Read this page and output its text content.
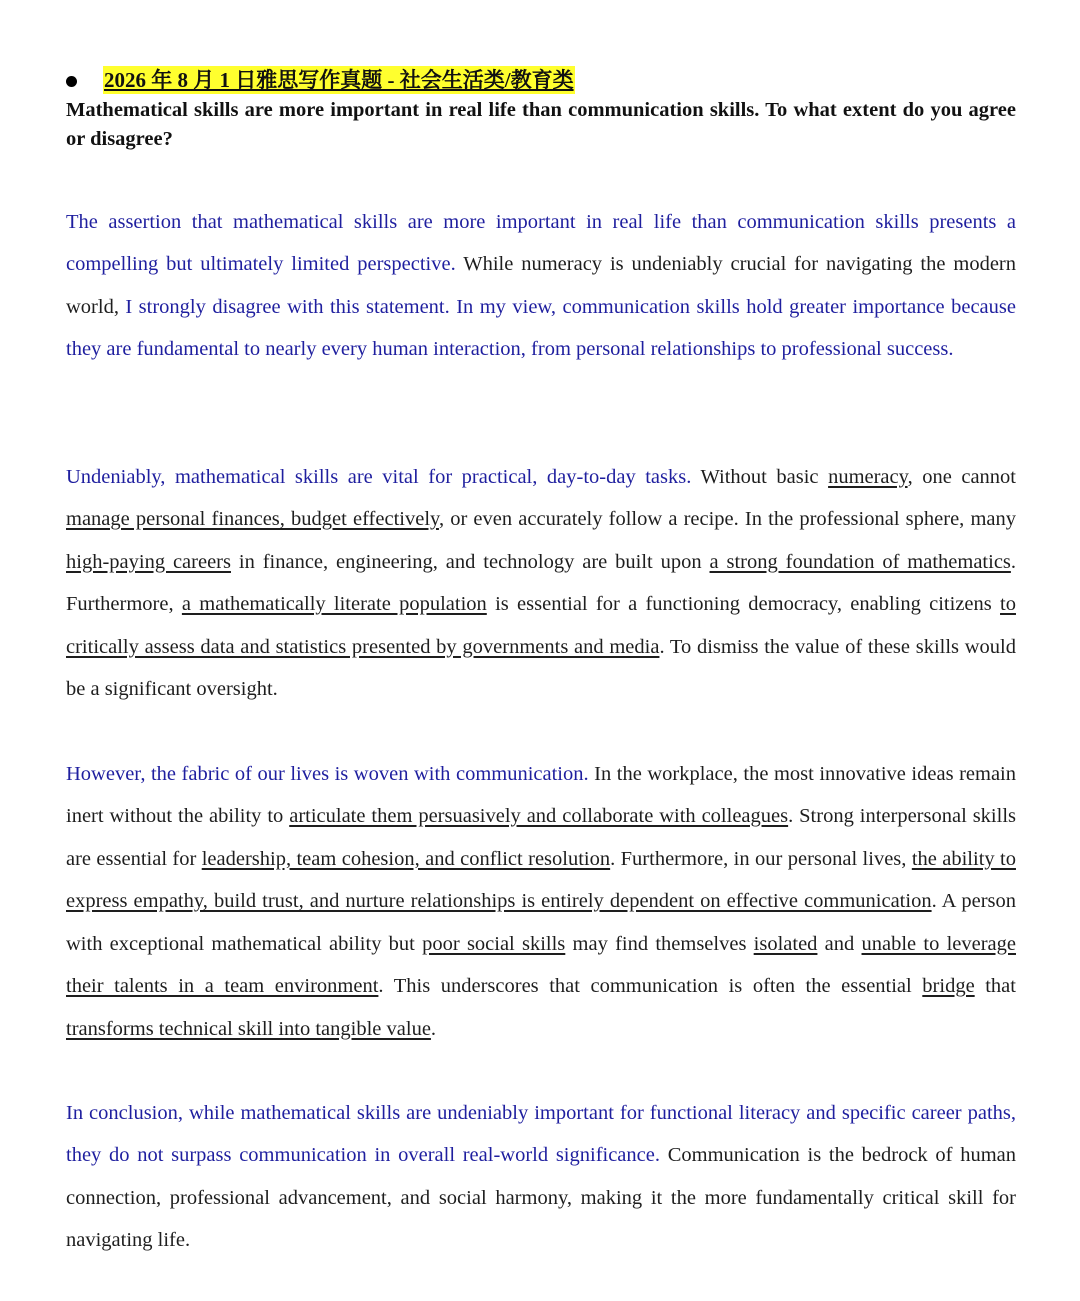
2026 年 8 月 1 日雅思写作真题 - 社会生活类/教育类
Mathematical skills are more important in real life than communication skills. To what extent do you agree or disagree?

The assertion that mathematical skills are more important in real life than communication skills presents a compelling but ultimately limited perspective. While numeracy is undeniably crucial for navigating the modern world, I strongly disagree with this statement. In my view, communication skills hold greater importance because they are fundamental to nearly every human interaction, from personal relationships to professional success.

Undeniably, mathematical skills are vital for practical, day-to-day tasks. Without basic numeracy, one cannot manage personal finances, budget effectively, or even accurately follow a recipe. In the professional sphere, many high-paying careers in finance, engineering, and technology are built upon a strong foundation of mathematics. Furthermore, a mathematically literate population is essential for a functioning democracy, enabling citizens to critically assess data and statistics presented by governments and media. To dismiss the value of these skills would be a significant oversight.

However, the fabric of our lives is woven with communication. In the workplace, the most innovative ideas remain inert without the ability to articulate them persuasively and collaborate with colleagues. Strong interpersonal skills are essential for leadership, team cohesion, and conflict resolution. Furthermore, in our personal lives, the ability to express empathy, build trust, and nurture relationships is entirely dependent on effective communication. A person with exceptional mathematical ability but poor social skills may find themselves isolated and unable to leverage their talents in a team environment. This underscores that communication is often the essential bridge that transforms technical skill into tangible value.

In conclusion, while mathematical skills are undeniably important for functional literacy and specific career paths, they do not surpass communication in overall real-world significance. Communication is the bedrock of human connection, professional advancement, and social harmony, making it the more fundamentally critical skill for navigating life.
